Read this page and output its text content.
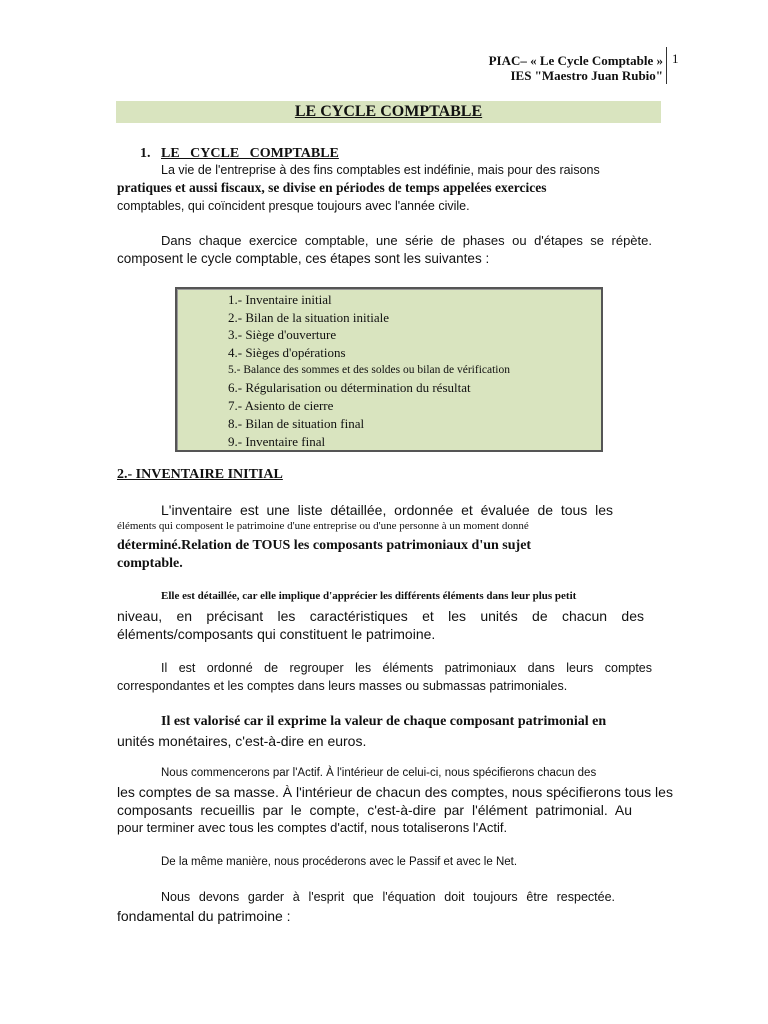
PIAC– « Le Cycle Comptable »
IES "Maestro Juan Rubio"
1
LE CYCLE COMPTABLE
1. LE   CYCLE   COMPTABLE
La vie de l'entreprise à des fins comptables est indéfinie, mais pour des raisons
pratiques et aussi fiscaux, se divise en périodes de temps appelées exercices
comptables, qui coïncident presque toujours avec l'année civile.
Dans chaque exercice comptable, une série de phases ou d'étapes se répète.
composent le cycle comptable, ces étapes sont les suivantes :
1.- Inventaire initial
2.- Bilan de la situation initiale
3.- Siège d'ouverture
4.- Sièges d'opérations
5.- Balance des sommes et des soldes ou bilan de vérification
6.- Régularisation ou détermination du résultat
7.- Asiento de cierre
8.- Bilan de situation final
9.- Inventaire final
2.- INVENTAIRE INITIAL
L'inventaire est une liste détaillée, ordonnée et évaluée de tous les
éléments qui composent le patrimoine d'une entreprise ou d'une personne à un moment donné
déterminé.Relation de TOUS les composants patrimoniaux d'un sujet
comptable.
Elle est détaillée, car elle implique d'apprécier les différents éléments dans leur plus petit
niveau, en précisant les caractéristiques et les unités de chacun des
éléments/composants qui constituent le patrimoine.
Il est ordonné de regrouper les éléments patrimoniaux dans leurs comptes
correspondantes et les comptes dans leurs masses ou submassas patrimoniales.
Il est valorisé car il exprime la valeur de chaque composant patrimonial en
unités monétaires, c'est-à-dire en euros.
Nous commencerons par l'Actif. À l'intérieur de celui-ci, nous spécifierons chacun des
les comptes de sa masse. À l'intérieur de chacun des comptes, nous spécifierons tous les
composants recueillis par le compte, c'est-à-dire par l'élément patrimonial. Au
pour terminer avec tous les comptes d'actif, nous totaliserons l'Actif.
De la même manière, nous procéderons avec le Passif et avec le Net.
Nous devons garder à l'esprit que l'équation doit toujours être respectée.
fondamental du patrimoine :
